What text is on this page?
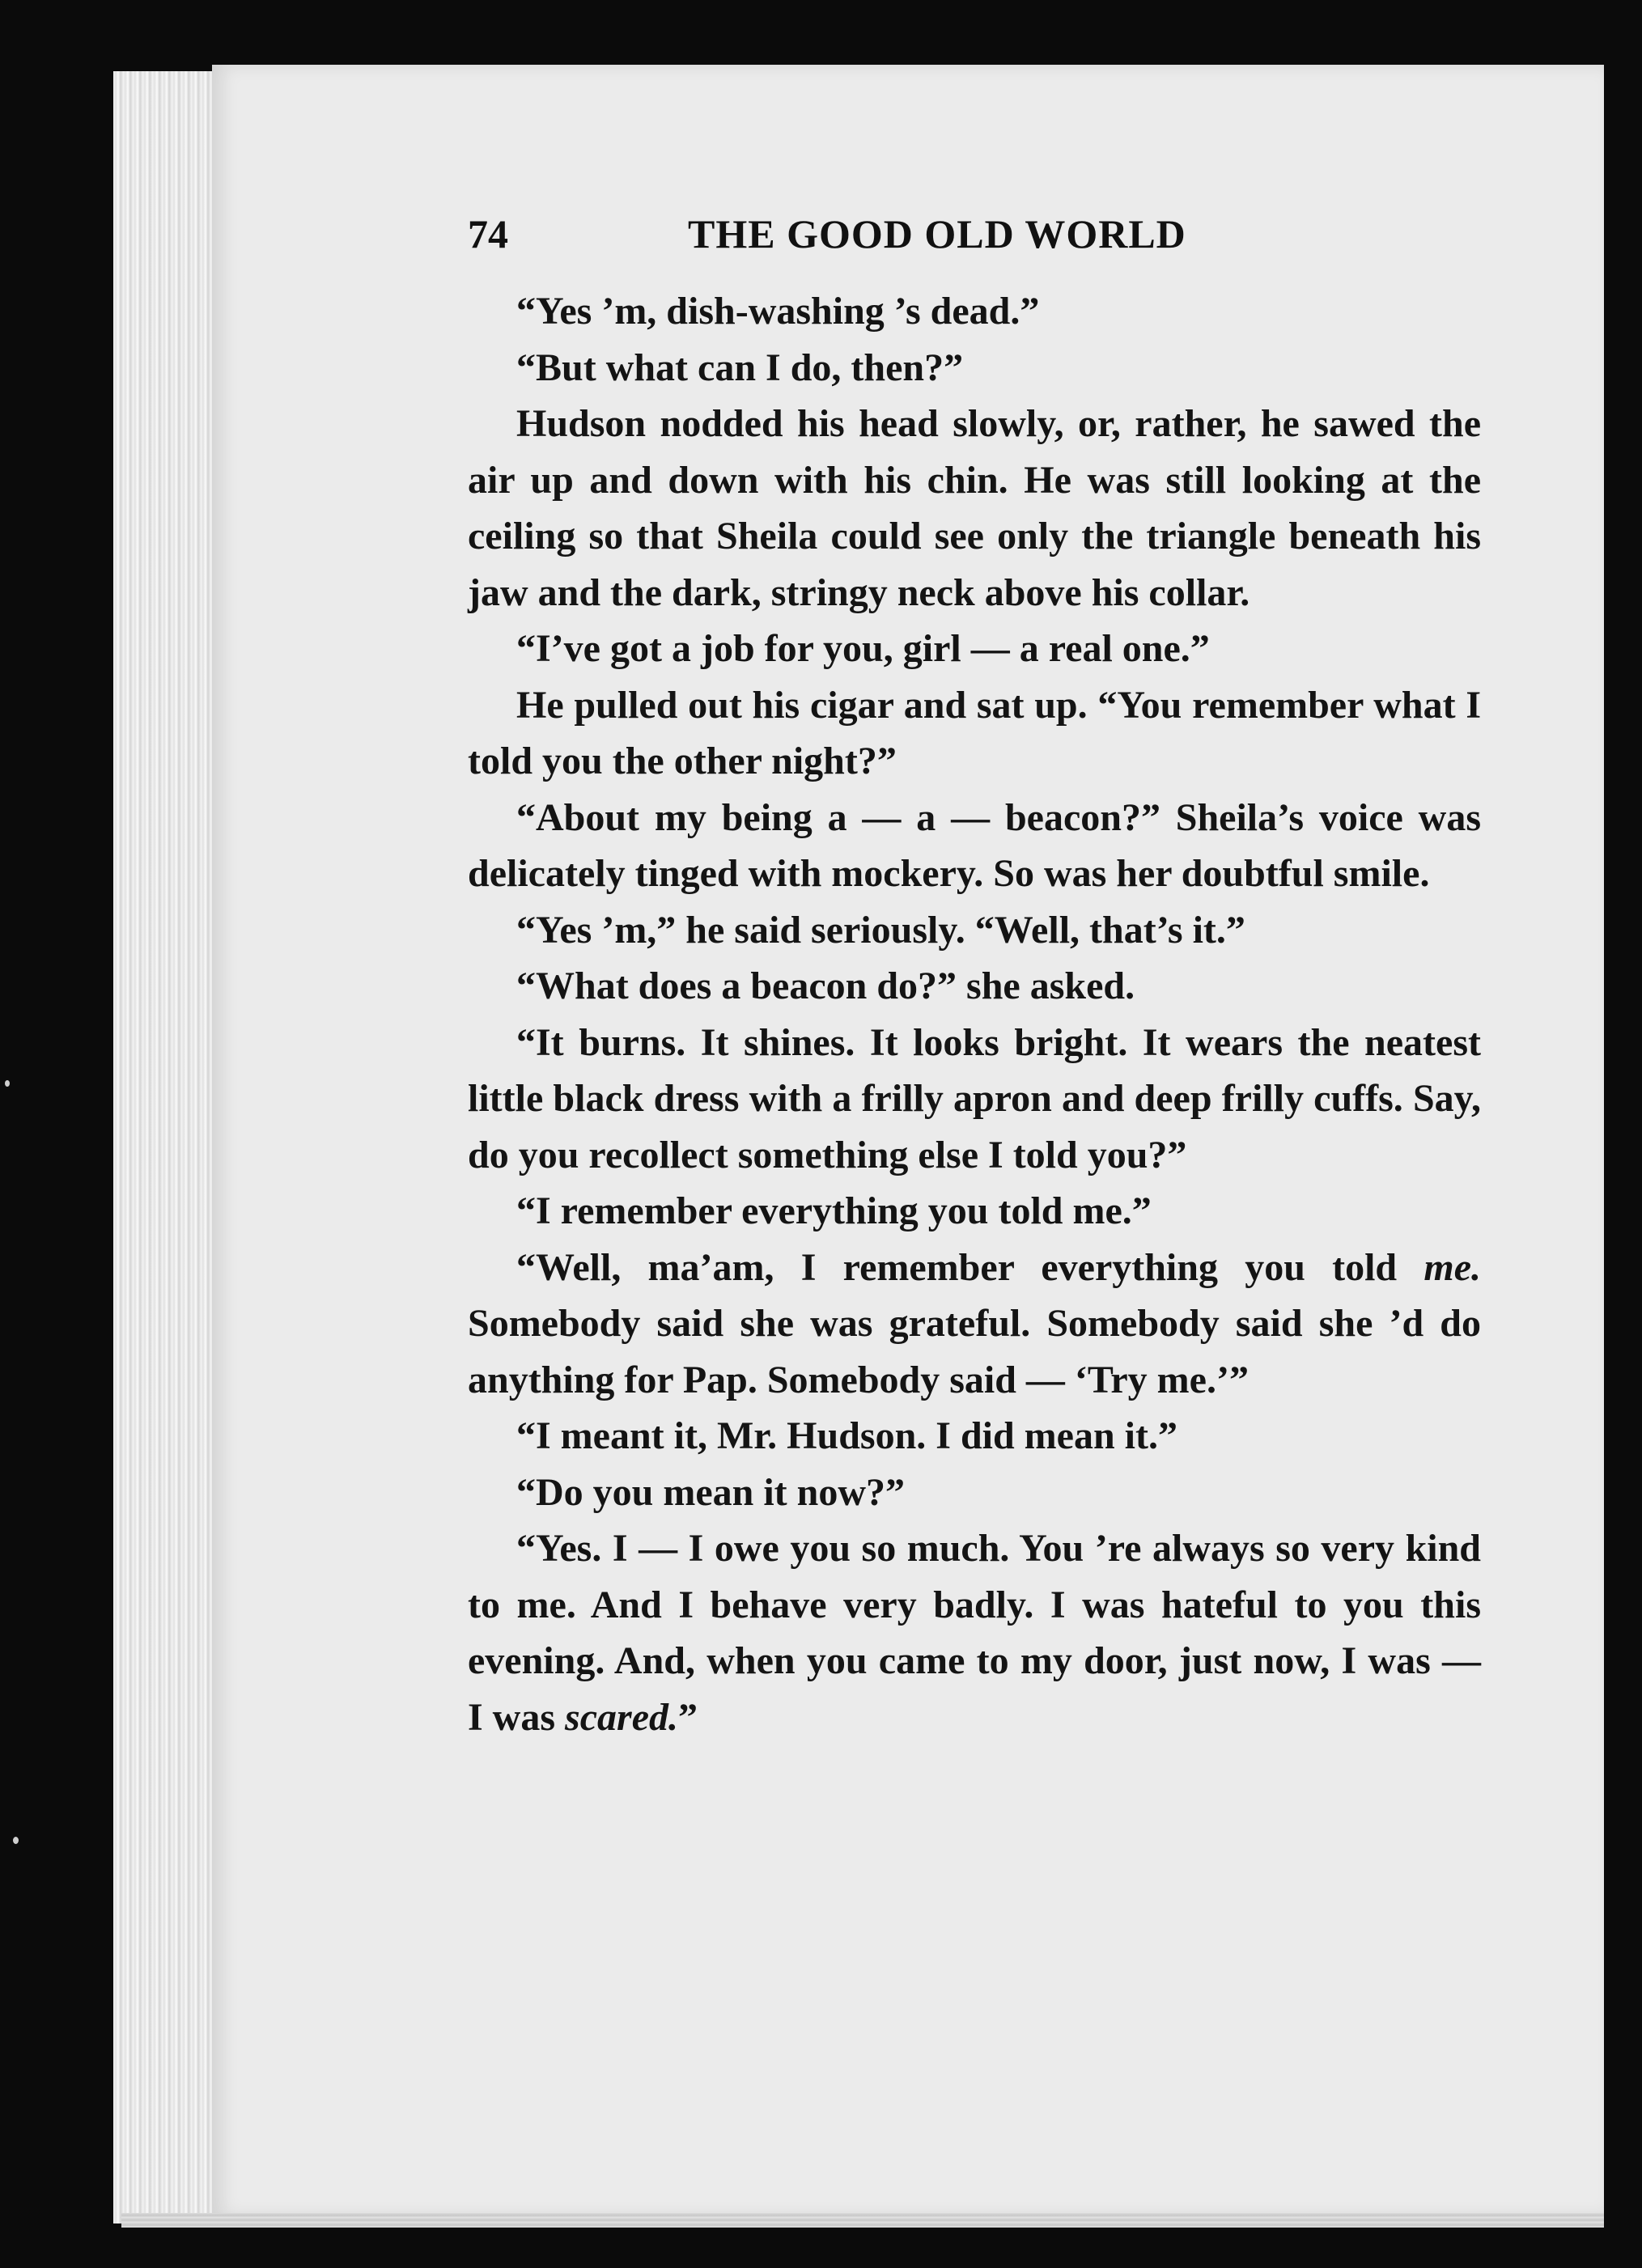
74	THE GOOD OLD WORLD

“Yes ’m, dish-washing ’s dead.”

“But what can I do, then?”

Hudson nodded his head slowly, or, rather, he sawed the air up and down with his chin. He was still looking at the ceiling so that Sheila could see only the triangle beneath his jaw and the dark, stringy neck above his collar.

“I’ve got a job for you, girl — a real one.”

He pulled out his cigar and sat up. “You remember what I told you the other night?”

“About my being a — a — beacon?” Sheila’s voice was delicately tinged with mockery. So was her doubtful smile.

“Yes ’m,” he said seriously. “Well, that’s it.”

“What does a beacon do?” she asked.

“It burns. It shines. It looks bright. It wears the neatest little black dress with a frilly apron and deep frilly cuffs. Say, do you recollect something else I told you?”

“I remember everything you told me.”

“Well, ma’am, I remember everything you told me. Somebody said she was grateful. Somebody said she ’d do anything for Pap. Somebody said — ‘Try me.’”

“I meant it, Mr. Hudson. I did mean it.”

“Do you mean it now?”

“Yes. I — I owe you so much. You ’re always so very kind to me. And I behave very badly. I was hateful to you this evening. And, when you came to my door, just now, I was — I was scared.”
